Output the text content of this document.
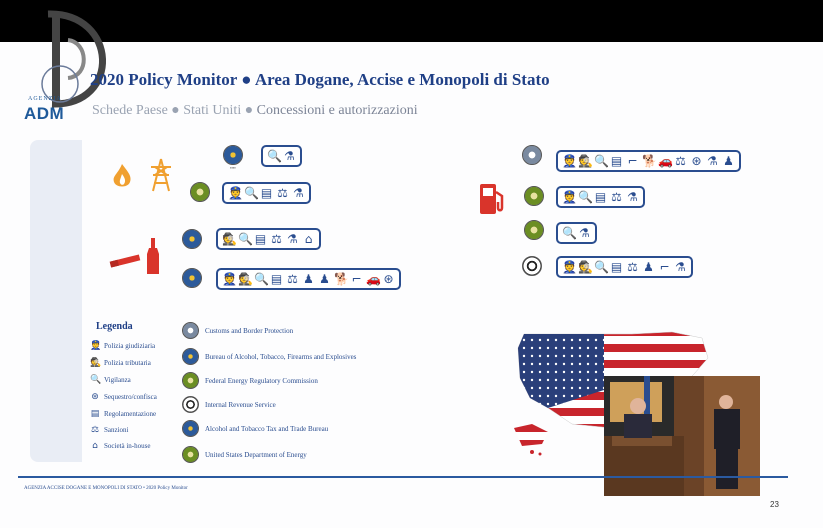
AGENZIA
ADM
2020 Policy Monitor ● Area Dogane, Accise e Monopoli di Stato
Schede Paese ● Stati Uniti ● Concessioni e autorizzazioni
▪▪▪▪
🔍 ⚗
👮 🔍 ▤ ⚖ ⚗
🕵 🔍 ▤ ⚖ ⚗ ⌂
👮 🕵 🔍 ▤ ⚖ ♟ ♟ 🐕 ⌐ 🚗 ⊛
👮 🕵 🔍 ▤ ⌐ 🐕 🚗 ⚖ ⊛ ⚗ ♟
👮 🔍 ▤ ⚖ ⚗
🔍 ⚗
👮 🕵 🔍 ▤ ⚖ ♟ ⌐ ⚗
Legenda
👮 Polizia giudiziaria
🕵 Polizia tributaria
🔍 Vigilanza
⊛ Sequestro/confisca
▤ Regolamentazione
⚖ Sanzioni
⌂ Società in-house
Customs and Border Protection
Bureau of Alcohol, Tobacco, Firearms and Explosives
Federal Energy Regulatory Commission
Internal Revenue Service
Alcohol and Tobacco Tax and Trade Bureau
United States Department of Energy
AGENZIA ACCISE DOGANE E MONOPOLI DI STATO • 2020 Policy Monitor
23
